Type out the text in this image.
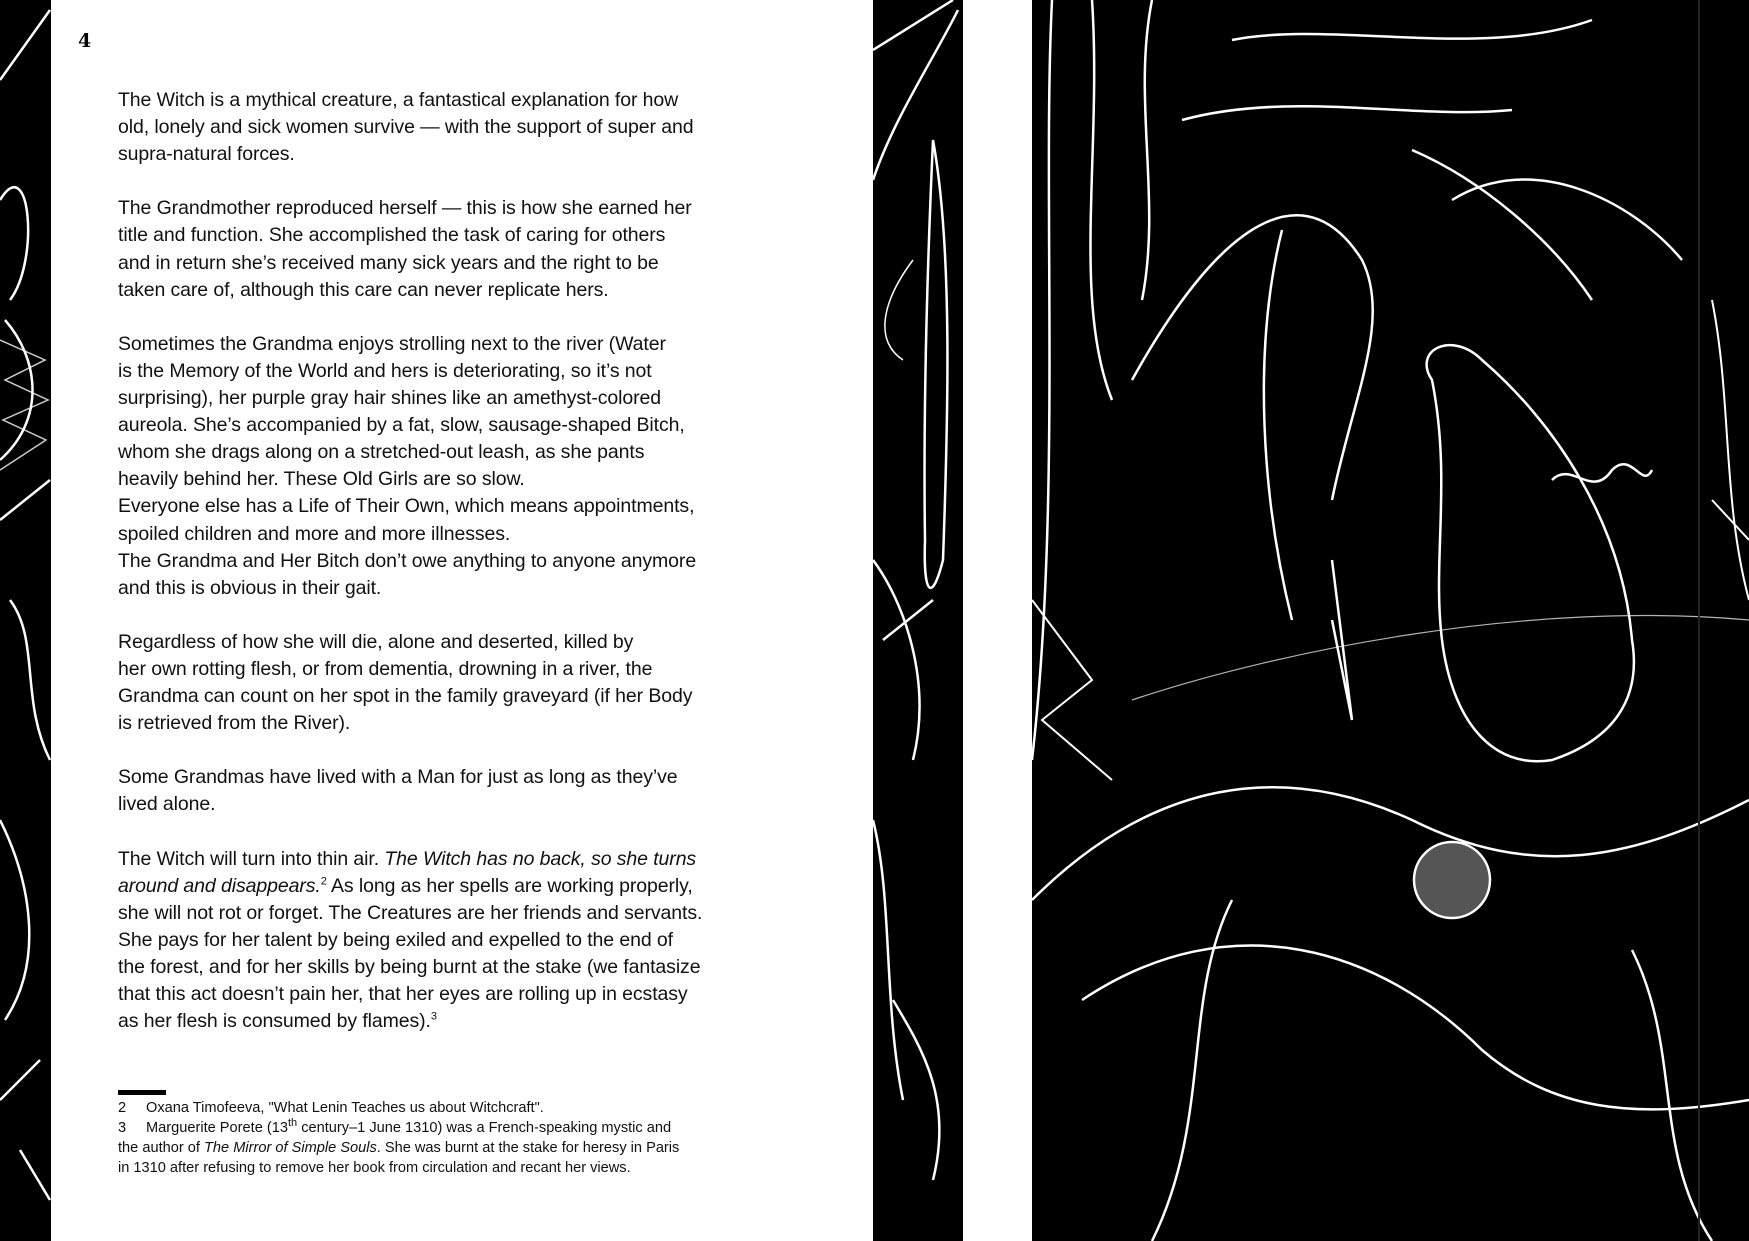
4
The Witch is a mythical creature, a fantastical explanation for how
old, lonely and sick women survive — with the support of super and
supra-natural forces.
The Grandmother reproduced herself — this is how she earned her
title and function. She accomplished the task of caring for others
and in return she’s received many sick years and the right to be
taken care of, although this care can never replicate hers.
Sometimes the Grandma enjoys strolling next to the river (Water
is the Memory of the World and hers is deteriorating, so it’s not
surprising), her purple gray hair shines like an amethyst-colored
aureola. She’s accompanied by a fat, slow, sausage-shaped Bitch,
whom she drags along on a stretched-out leash, as she pants
heavily behind her. These Old Girls are so slow.
Everyone else has a Life of Their Own, which means appointments,
spoiled children and more and more illnesses.
The Grandma and Her Bitch don’t owe anything to anyone anymore
and this is obvious in their gait.
Regardless of how she will die, alone and deserted, killed by
her own rotting flesh, or from dementia, drowning in a river, the
Grandma can count on her spot in the family graveyard (if her Body
is retrieved from the River).
Some Grandmas have lived with a Man for just as long as they’ve
lived alone.
The Witch will turn into thin air. The Witch has no back, so she turns
around and disappears.$^2$ As long as her spells are working properly,
she will not rot or forget. The Creatures are her friends and servants.
She pays for her talent by being exiled and expelled to the end of
the forest, and for her skills by being burnt at the stake (we fantasize
that this act doesn’t pain her, that her eyes are rolling up in ecstasy
as her flesh is consumed by flames).$^3$
2 Oxana Timofeeva, "What Lenin Teaches us about Witchcraft".
3 Marguerite Porete (13th century–1 June 1310) was a French-speaking mystic and
the author of The Mirror of Simple Souls. She was burnt at the stake for heresy in Paris
in 1310 after refusing to remove her book from circulation and recant her views.
